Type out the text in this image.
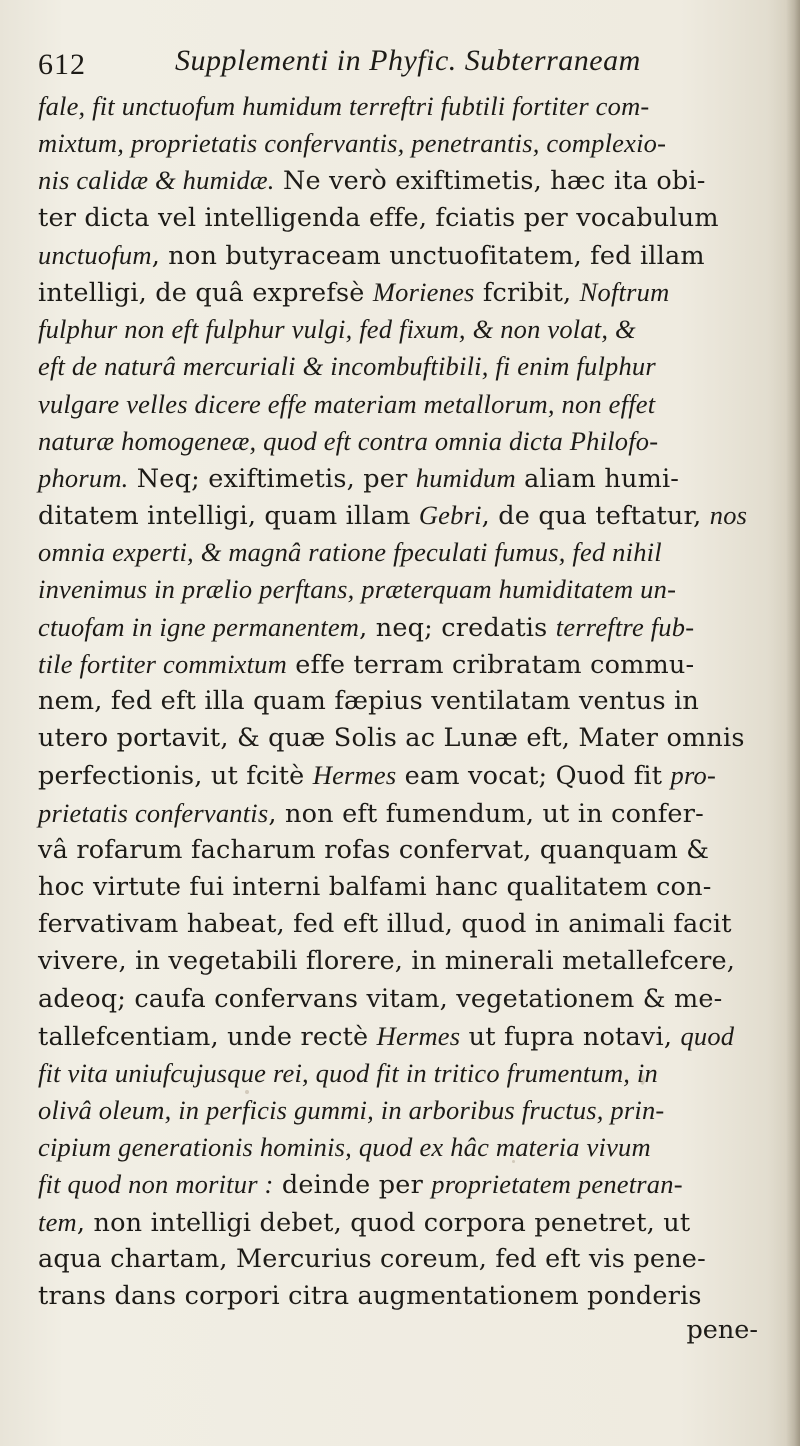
612	Supplementi in Phyfic. Subterraneam
fale, fit unctuofum humidum terreftri fubtili fortiter com-
mixtum, proprietatis confervantis, penetrantis, complexio-
nis calidæ & humidæ. Ne verò exiftimetis, hæc ita obi-
ter dicta vel intelligenda effe, fciatis per vocabulum
unctuofum, non butyraceam unctuofitatem, fed illam
intelligi, de quâ exprefsè Morienes fcribit, Noftrum
fulphur non eft fulphur vulgi, fed fixum, & non volat, &
eft de naturâ mercuriali & incombuftibili, fi enim fulphur
vulgare velles dicere effe materiam metallorum, non effet
naturæ homogeneæ, quod eft contra omnia dicta Philofo-
phorum. Neq; exiftimetis, per humidum aliam humi-
ditatem intelligi, quam illam Gebri, de qua teftatur, nos
omnia experti, & magnâ ratione fpeculati fumus, fed nihil
invenimus in prælio perftans, præterquam humiditatem un-
ctuofam in igne permanentem, neq; credatis terreftre fub-
tile fortiter commixtum effe terram cribratam commu-
nem, fed eft illa quam fæpius ventilatam ventus in
utero portavit, & quæ Solis ac Lunæ eft, Mater omnis
perfectionis, ut fcitè Hermes eam vocat; Quod fit pro-
prietatis confervantis, non eft fumendum, ut in confer-
vâ rofarum facharum rofas confervat, quanquam &
hoc virtute fui interni balfami hanc qualitatem con-
fervativam habeat, fed eft illud, quod in animali facit
vivere, in vegetabili florere, in minerali metallefcere,
adeoq; caufa confervans vitam, vegetationem & me-
tallefcentiam, unde rectè Hermes ut fupra notavi, quod
fit vita uniufcujusque rei, quod fit in tritico frumentum, in
olivâ oleum, in perficis gummi, in arboribus fructus, prin-
cipium generationis hominis, quod ex hâc materia vivum
fit quod non moritur : deinde per proprietatem penetran-
tem, non intelligi debet, quod corpora penetret, ut
aqua chartam, Mercurius coreum, fed eft vis pene-
trans dans corpori citra augmentationem ponderis
pene-
